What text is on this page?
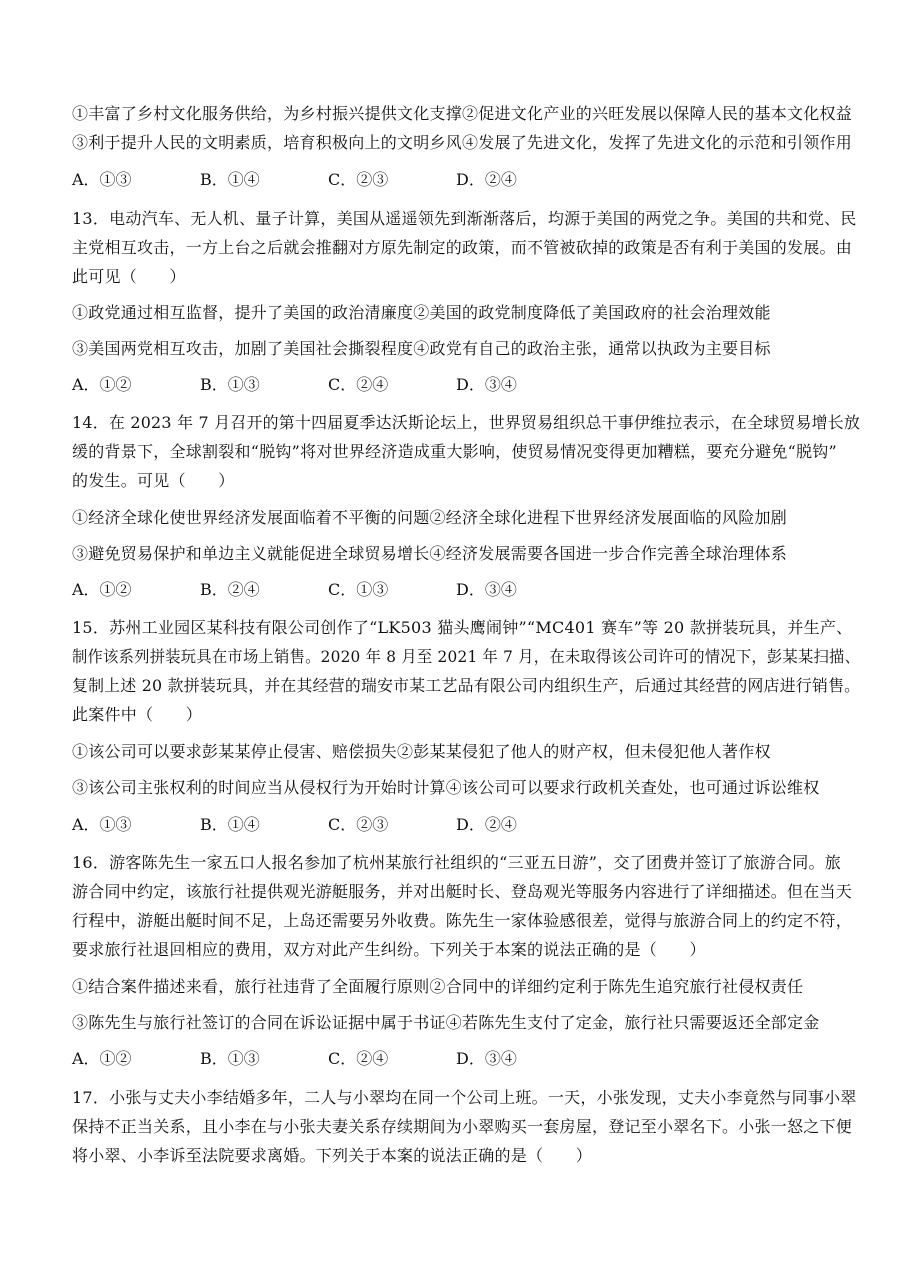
①丰富了乡村文化服务供给，为乡村振兴提供文化支撑②促进文化产业的兴旺发展以保障人民的基本文化权益
③利于提升人民的文明素质，培育积极向上的文明乡风④发展了先进文化，发挥了先进文化的示范和引领作用
A．①③	B．①④	C．②③	D．②④
13．电动汽车、无人机、量子计算，美国从遥遥领先到渐渐落后，均源于美国的两党之争。美国的共和党、民
主党相互攻击，一方上台之后就会推翻对方原先制定的政策，而不管被砍掉的政策是否有利于美国的发展。由
此可见（　　）
①政党通过相互监督，提升了美国的政治清廉度②美国的政党制度降低了美国政府的社会治理效能
③美国两党相互攻击，加剧了美国社会撕裂程度④政党有自己的政治主张，通常以执政为主要目标
A．①②	B．①③	C．②④	D．③④
14．在 2023 年 7 月召开的第十四届夏季达沃斯论坛上，世界贸易组织总干事伊维拉表示，在全球贸易增长放
缓的背景下，全球割裂和“脱钩”将对世界经济造成重大影响，使贸易情况变得更加糟糕，要充分避免“脱钩”
的发生。可见（　　）
①经济全球化使世界经济发展面临着不平衡的问题②经济全球化进程下世界经济发展面临的风险加剧
③避免贸易保护和单边主义就能促进全球贸易增长④经济发展需要各国进一步合作完善全球治理体系
A．①②	B．②④	C．①③	D．③④
15．苏州工业园区某科技有限公司创作了“LK503 猫头鹰闹钟”“MC401 赛车”等 20 款拼装玩具，并生产、
制作该系列拼装玩具在市场上销售。2020 年 8 月至 2021 年 7 月，在未取得该公司许可的情况下，彭某某扫描、
复制上述 20 款拼装玩具，并在其经营的瑞安市某工艺品有限公司内组织生产，后通过其经营的网店进行销售。
此案件中（　　）
①该公司可以要求彭某某停止侵害、赔偿损失②彭某某侵犯了他人的财产权，但未侵犯他人著作权
③该公司主张权利的时间应当从侵权行为开始时计算④该公司可以要求行政机关查处，也可通过诉讼维权
A．①③	B．①④	C．②③	D．②④
16．游客陈先生一家五口人报名参加了杭州某旅行社组织的“三亚五日游”，交了团费并签订了旅游合同。旅
游合同中约定，该旅行社提供观光游艇服务，并对出艇时长、登岛观光等服务内容进行了详细描述。但在当天
行程中，游艇出艇时间不足，上岛还需要另外收费。陈先生一家体验感很差，觉得与旅游合同上的约定不符，
要求旅行社退回相应的费用，双方对此产生纠纷。下列关于本案的说法正确的是（　　）
①结合案件描述来看，旅行社违背了全面履行原则②合同中的详细约定利于陈先生追究旅行社侵权责任
③陈先生与旅行社签订的合同在诉讼证据中属于书证④若陈先生支付了定金，旅行社只需要返还全部定金
A．①②	B．①③	C．②④	D．③④
17．小张与丈夫小李结婚多年，二人与小翠均在同一个公司上班。一天，小张发现，丈夫小李竟然与同事小翠
保持不正当关系，且小李在与小张夫妻关系存续期间为小翠购买一套房屋，登记至小翠名下。小张一怒之下便
将小翠、小李诉至法院要求离婚。下列关于本案的说法正确的是（　　）
